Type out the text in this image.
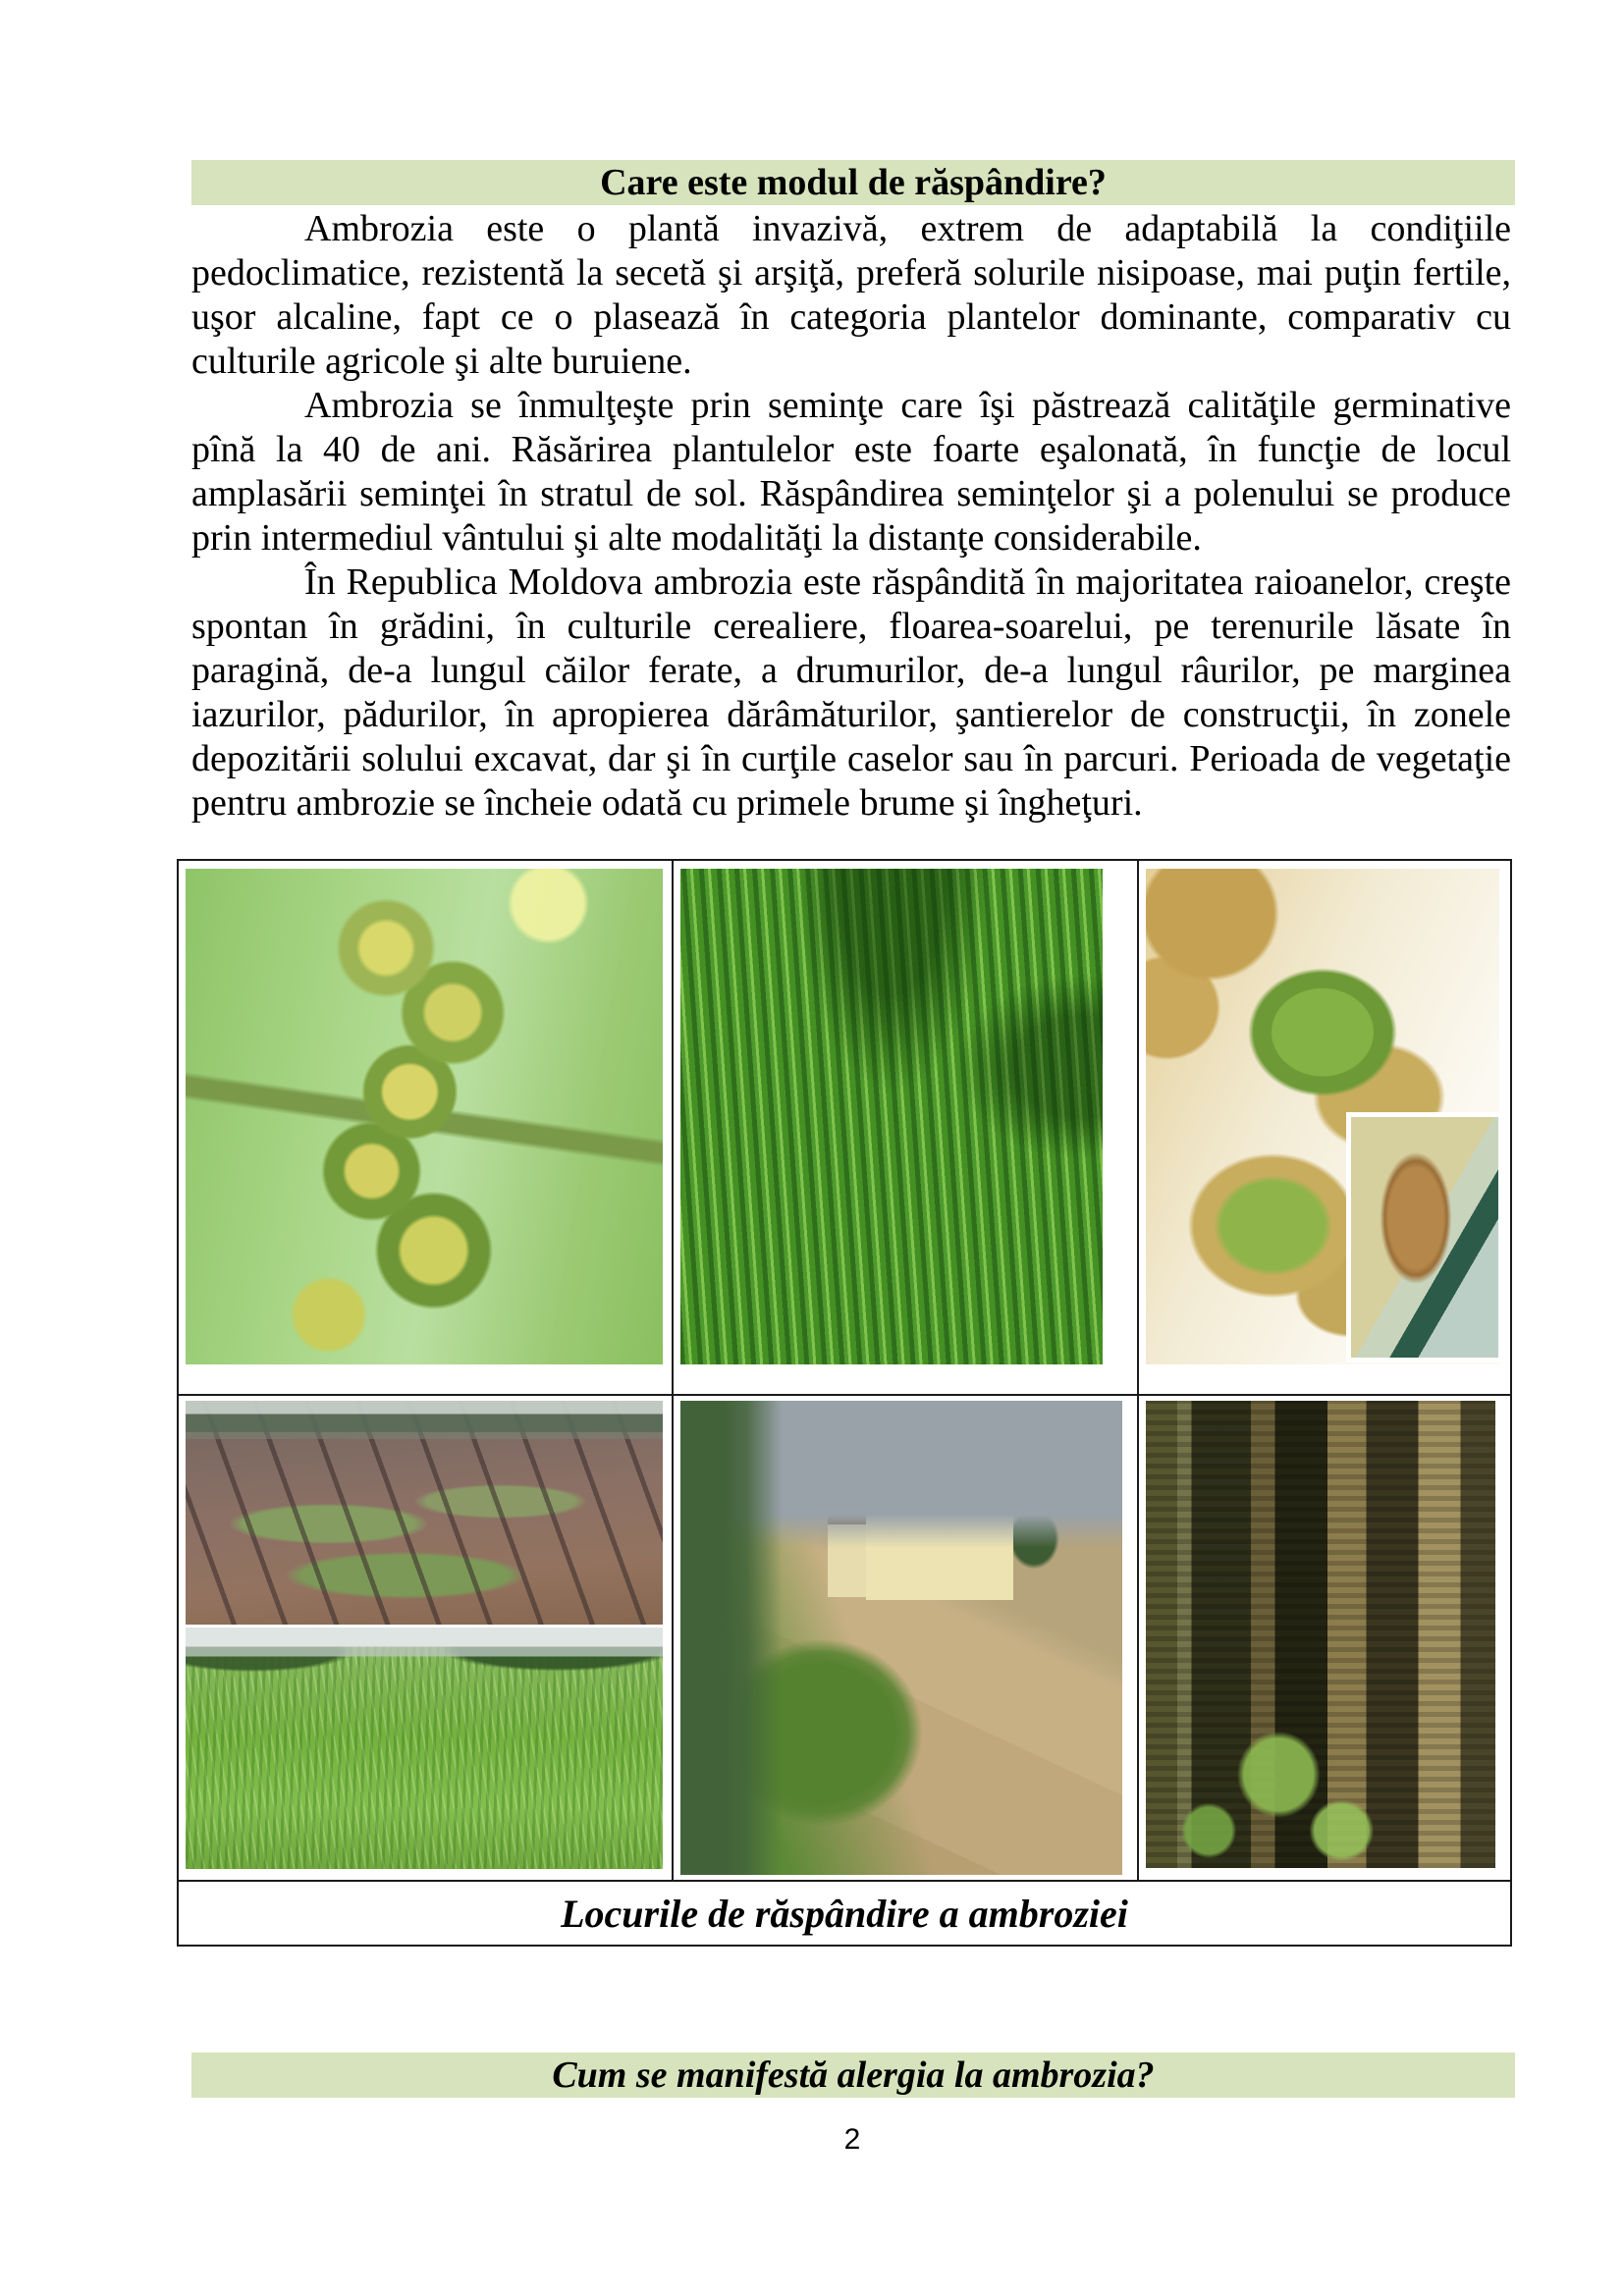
Care este modul de răspândire?

Ambrozia este o plantă invazivă, extrem de adaptabilă la condiţiile pedoclimatice, rezistentă la secetă şi arşiţă, preferă solurile nisipoase, mai puţin fertile, uşor alcaline, fapt ce o plasează în categoria plantelor dominante, comparativ cu culturile agricole şi alte buruiene.

Ambrozia se înmulţeşte prin seminţe care îşi păstrează calităţile germinative pînă la 40 de ani. Răsărirea plantulelor este foarte eşalonată, în funcţie de locul amplasării seminţei în stratul de sol. Răspândirea seminţelor şi a polenului se produce prin intermediul vântului şi alte modalităţi la distanţe considerabile.

În Republica Moldova ambrozia este răspândită în majoritatea raioanelor, creşte spontan în grădini, în culturile cerealiere, floarea-soarelui, pe terenurile lăsate în paragină, de-a lungul căilor ferate, a drumurilor, de-a lungul râurilor, pe marginea iazurilor, pădurilor, în apropierea dărâmăturilor, şantierelor de construcţii, în zonele depozitării solului excavat, dar şi în curţile caselor sau în parcuri. Perioada de vegetaţie pentru ambrozie se încheie odată cu primele brume şi îngheţuri.

Locurile de răspândire a ambroziei
Cum se manifestă alergia la ambrozia?
2
